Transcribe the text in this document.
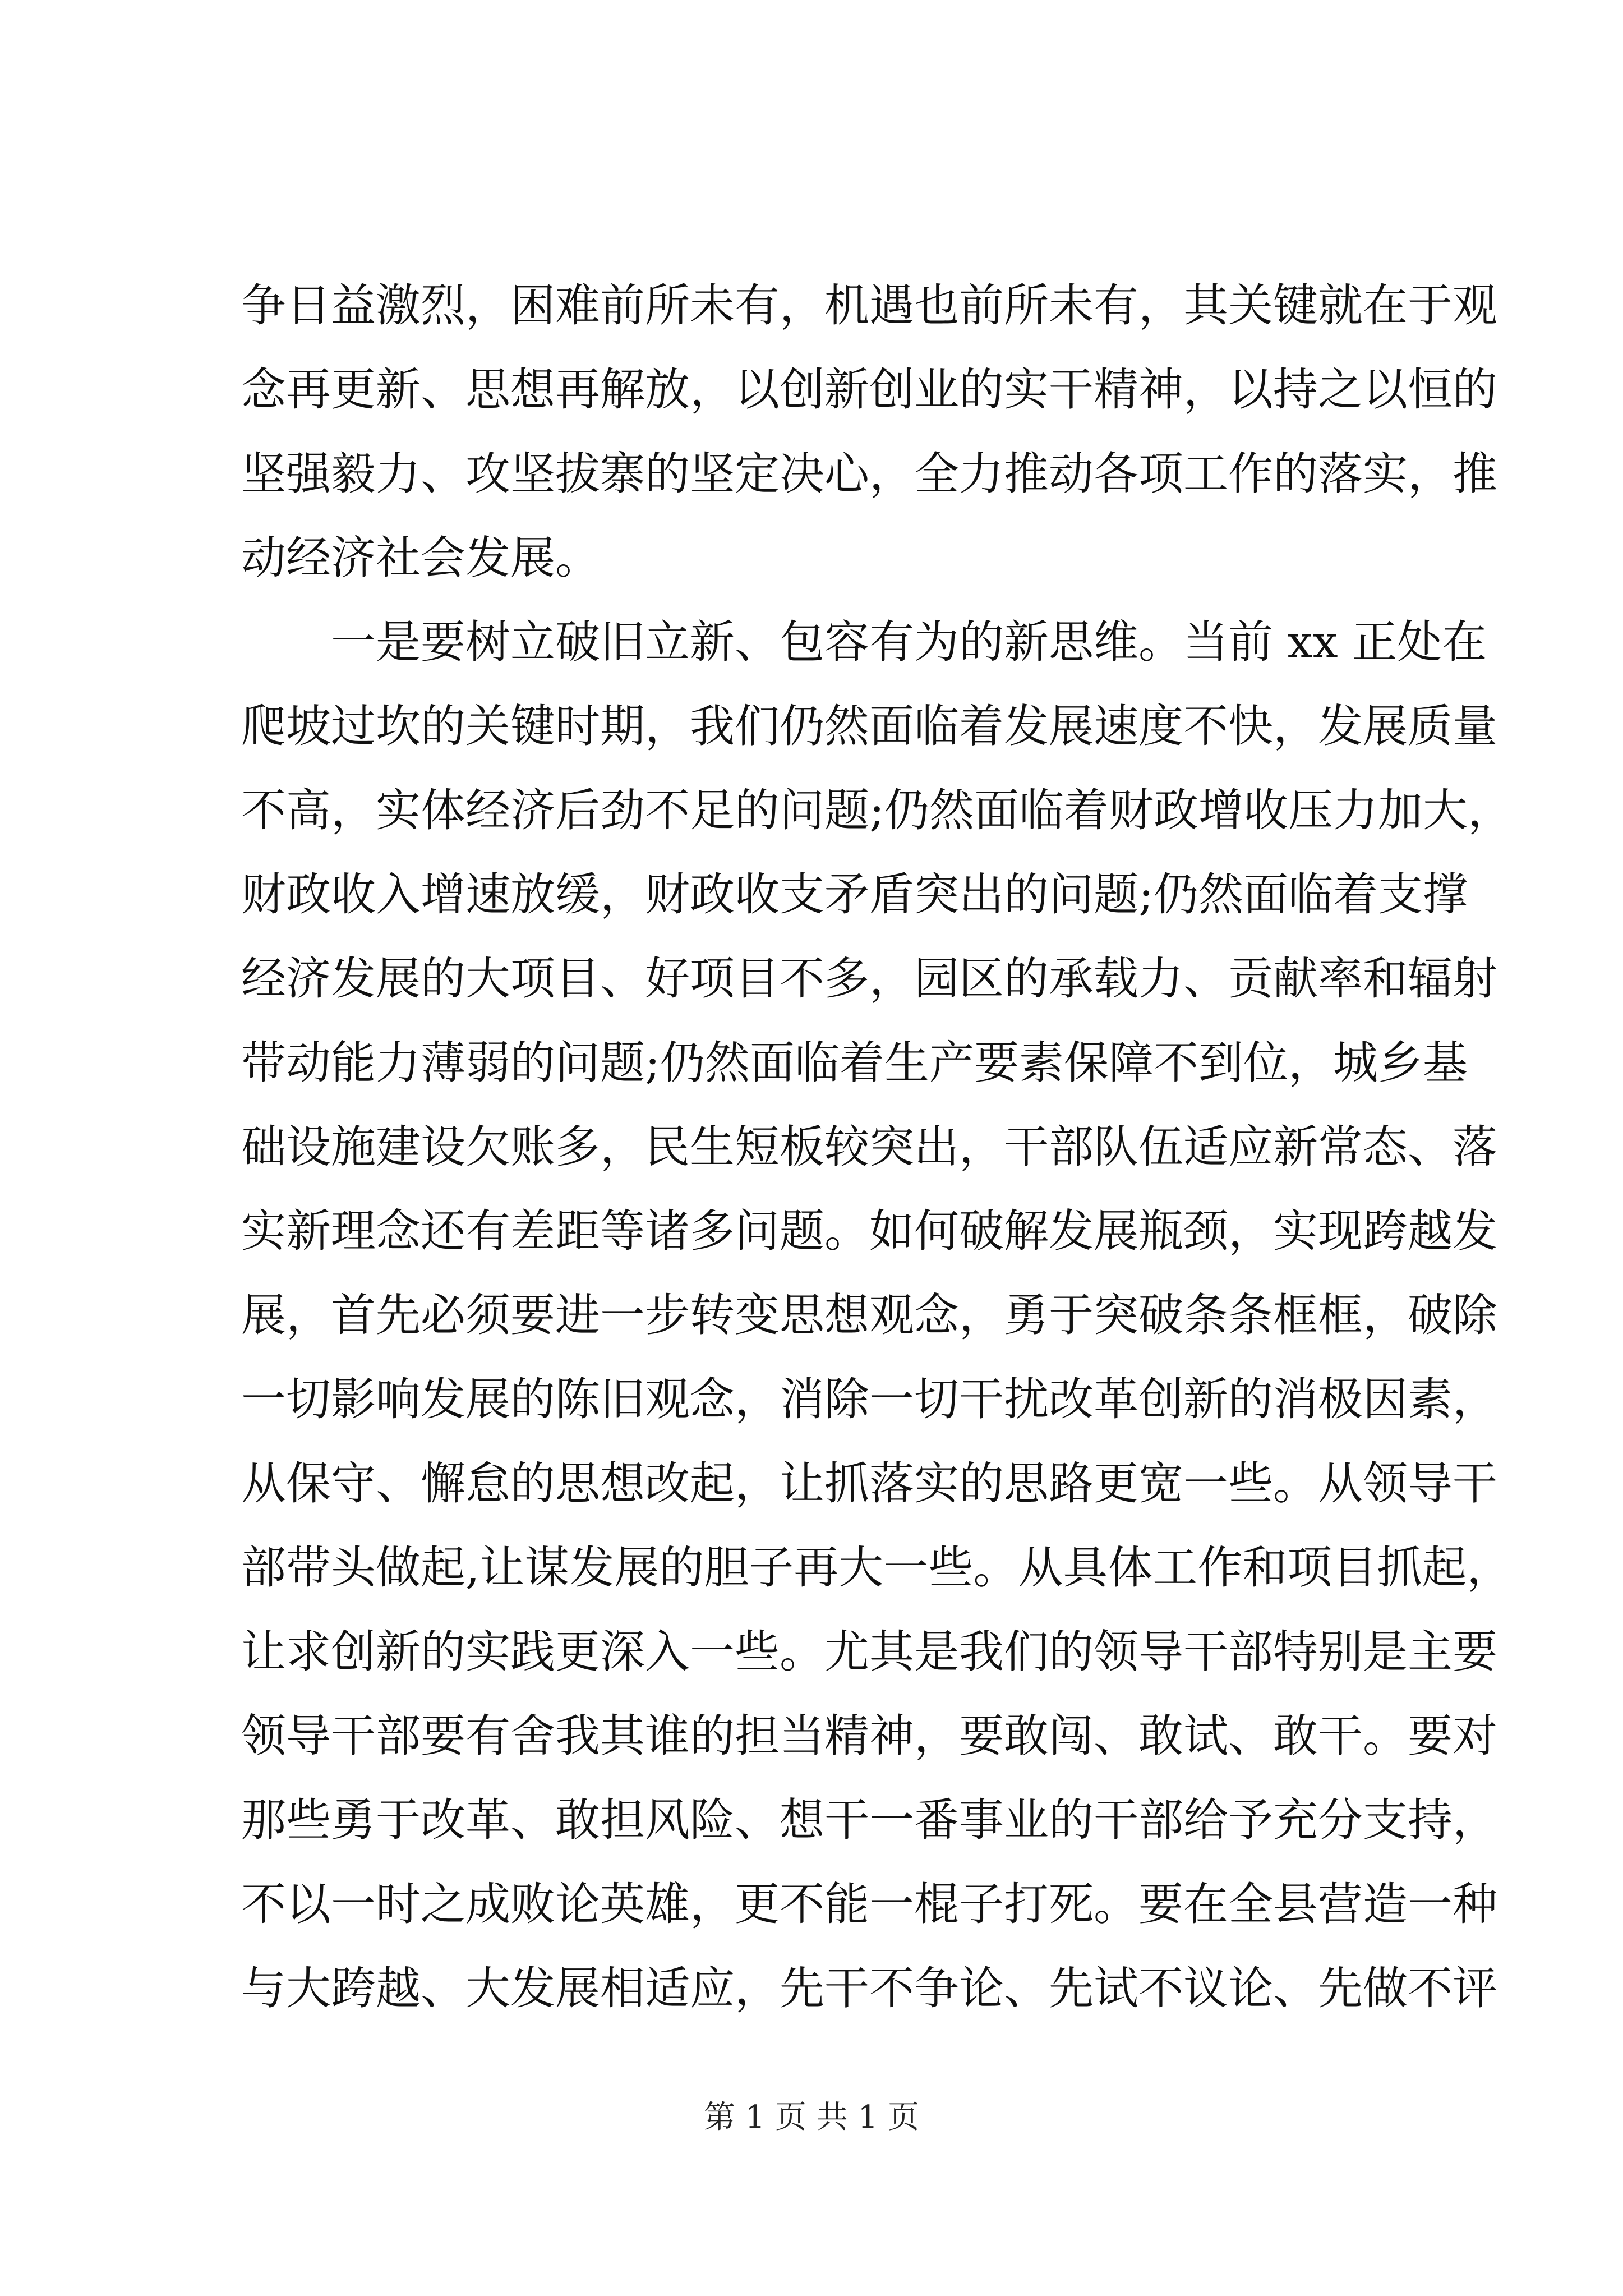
争日益激烈，困难前所未有，机遇也前所未有，其关键就在于观
念再更新、思想再解放，以创新创业的实干精神，以持之以恒的
坚强毅力、攻坚拔寨的坚定决心，全力推动各项工作的落实，推
动经济社会发展。
一是要树立破旧立新、包容有为的新思维。当前 xx 正处在
爬坡过坎的关键时期，我们仍然面临着发展速度不快，发展质量
不高，实体经济后劲不足的问题;仍然面临着财政增收压力加大，
财政收入增速放缓，财政收支矛盾突出的问题;仍然面临着支撑
经济发展的大项目、好项目不多，园区的承载力、贡献率和辐射
带动能力薄弱的问题;仍然面临着生产要素保障不到位，城乡基
础设施建设欠账多，民生短板较突出，干部队伍适应新常态、落
实新理念还有差距等诸多问题。如何破解发展瓶颈，实现跨越发
展，首先必须要进一步转变思想观念，勇于突破条条框框，破除
一切影响发展的陈旧观念，消除一切干扰改革创新的消极因素，
从保守、懈怠的思想改起，让抓落实的思路更宽一些。从领导干
部带头做起,让谋发展的胆子再大一些。从具体工作和项目抓起，
让求创新的实践更深入一些。尤其是我们的领导干部特别是主要
领导干部要有舍我其谁的担当精神，要敢闯、敢试、敢干。要对
那些勇于改革、敢担风险、想干一番事业的干部给予充分支持，
不以一时之成败论英雄，更不能一棍子打死。要在全县营造一种
与大跨越、大发展相适应，先干不争论、先试不议论、先做不评
第 1 页 共 1 页
